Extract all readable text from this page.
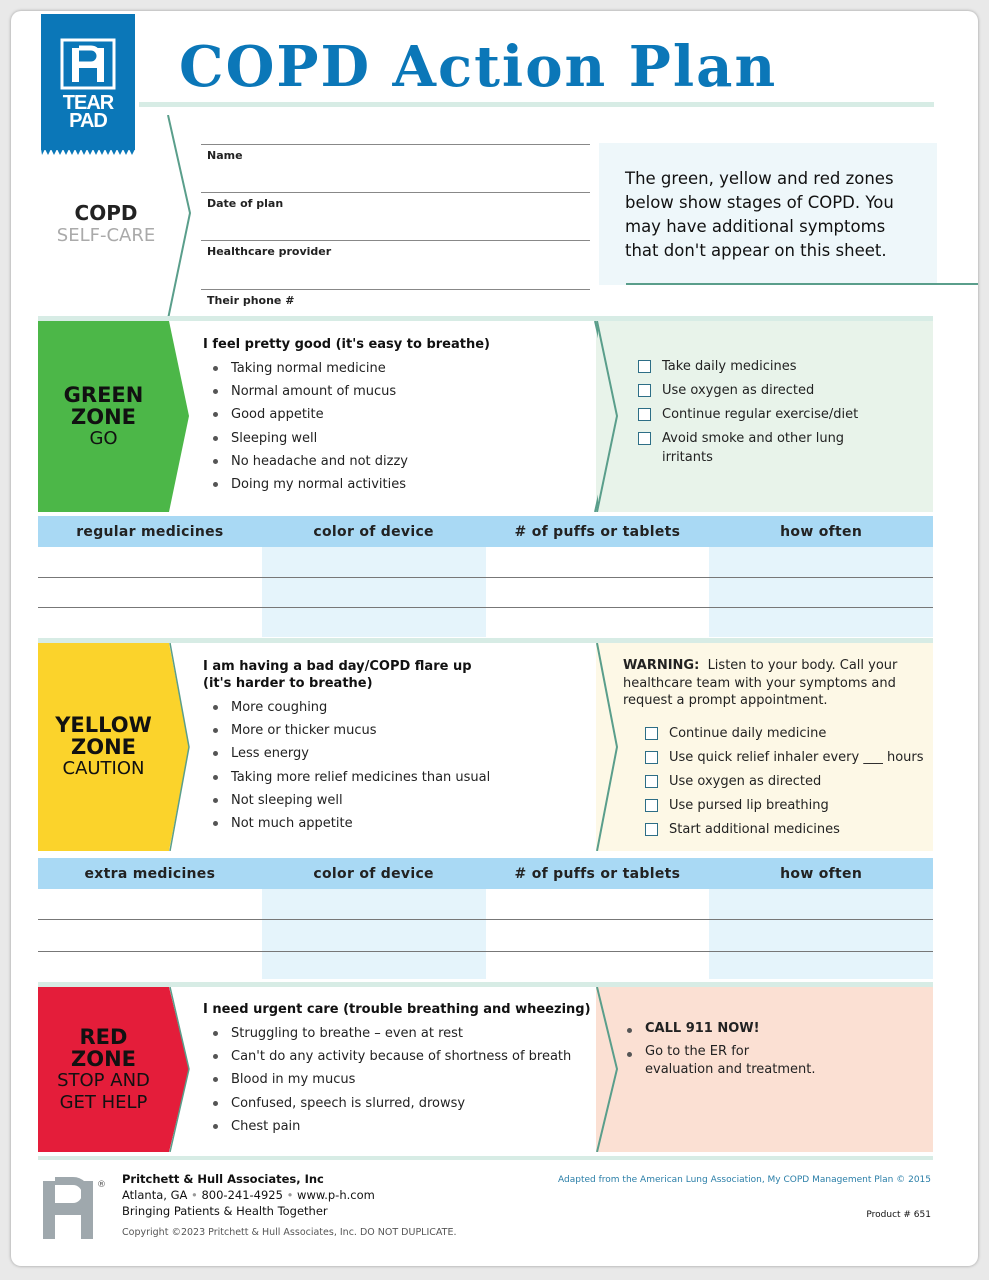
TEAR
PAD
COPD Action Plan
COPD
SELF-CARE
Name
Date of plan
Healthcare provider
Their phone #

The green, yellow and red zones below show stages of COPD. You may have additional symptoms that don't appear on this sheet.

GREEN ZONE
GO
I feel pretty good (it's easy to breathe)
Taking normal medicine
Normal amount of mucus
Good appetite
Sleeping well
No headache and not dizzy
Doing my normal activities
Take daily medicines
Use oxygen as directed
Continue regular exercise/diet
Avoid smoke and other lung irritants
regular medicines	color of device	# of puffs or tablets	how often
YELLOW ZONE
CAUTION
I am having a bad day/COPD flare up
(it's harder to breathe)
More coughing
More or thicker mucus
Less energy
Taking more relief medicines than usual
Not sleeping well
Not much appetite
WARNING: Listen to your body. Call your healthcare team with your symptoms and request a prompt appointment.
Continue daily medicine
Use quick relief inhaler every ___ hours
Use oxygen as directed
Use pursed lip breathing
Start additional medicines
extra medicines	color of device	# of puffs or tablets	how often
RED ZONE
STOP AND GET HELP
I need urgent care (trouble breathing and wheezing)
Struggling to breathe – even at rest
Can't do any activity because of shortness of breath
Blood in my mucus
Confused, speech is slurred, drowsy
Chest pain
CALL 911 NOW!
Go to the ER for evaluation and treatment.
® Pritchett & Hull Associates, Inc
Atlanta, GA • 800-241-4925 • www.p-h.com
Bringing Patients & Health Together
Copyright ©2023 Pritchett & Hull Associates, Inc. DO NOT DUPLICATE.
Adapted from the American Lung Association, My COPD Management Plan © 2015
Product # 651
